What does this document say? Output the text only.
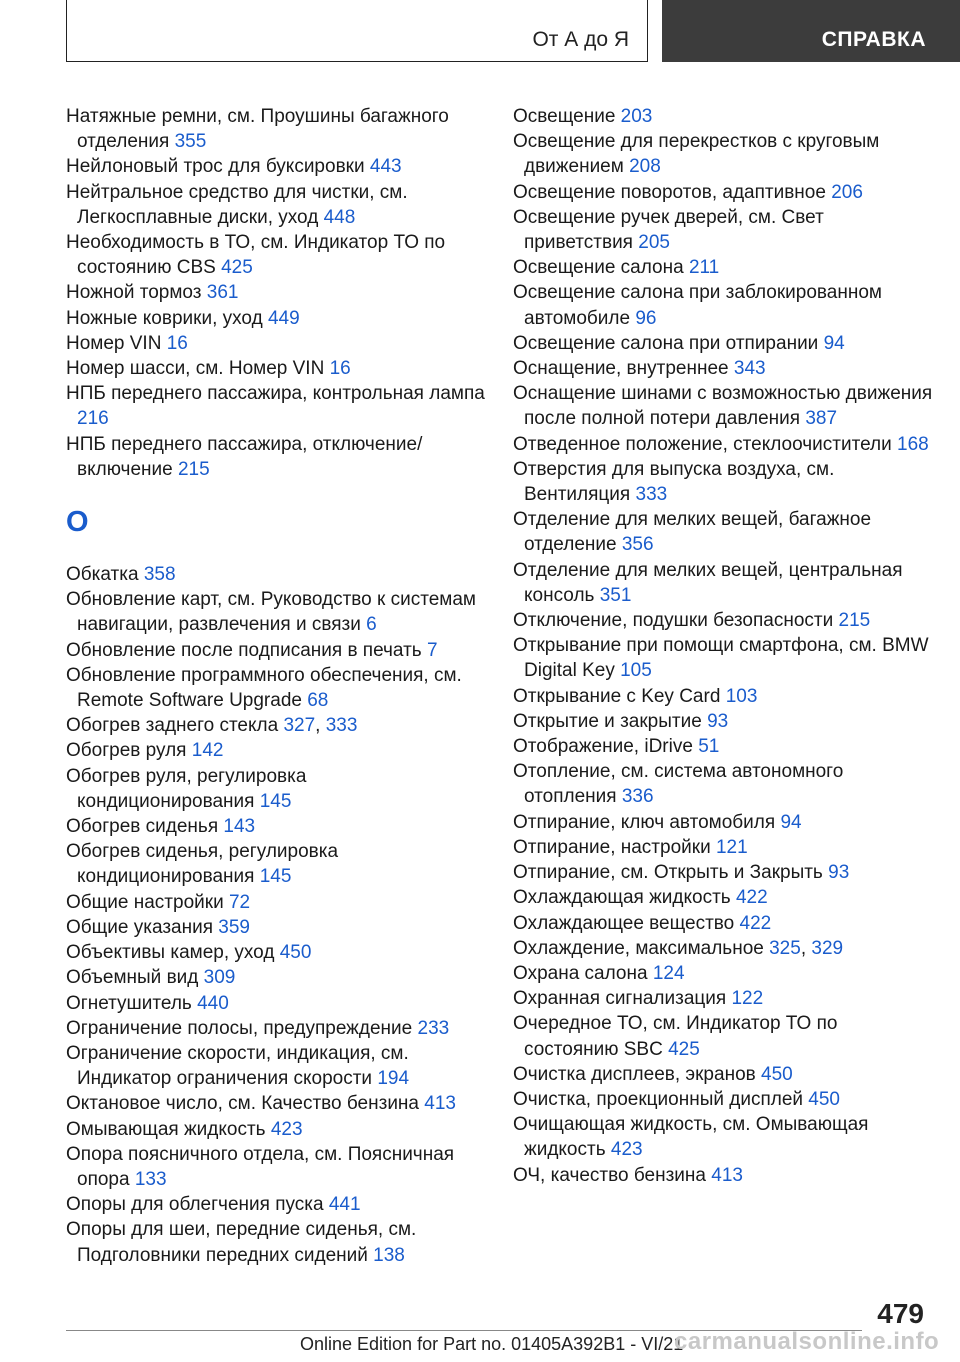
От А до Я	СПРАВКА

Натяжные ремни, см. Проушины багажного отделения 355

Нейлоновый трос для буксировки 443

Нейтральное средство для чистки, см. Легкосплавные диски, уход 448

Необходимость в ТО, см. Индикатор ТО по состоянию CBS 425

Ножной тормоз 361

Ножные коврики, уход 449

Номер VIN 16

Номер шасси, см. Номер VIN 16

НПБ переднего пассажира, контрольная лампа 216

НПБ переднего пассажира, отключение/включение 215

О

Обкатка 358

Обновление карт, см. Руководство к системам навигации, развлечения и связи 6

Обновление после подписания в печать 7

Обновление программного обеспечения, см. Remote Software Upgrade 68

Обогрев заднего стекла 327, 333

Обогрев руля 142

Обогрев руля, регулировка кондиционирования 145

Обогрев сиденья 143

Обогрев сиденья, регулировка кондиционирования 145

Общие настройки 72

Общие указания 359

Объективы камер, уход 450

Объемный вид 309

Огнетушитель 440

Ограничение полосы, предупреждение 233

Ограничение скорости, индикация, см. Индикатор ограничения скорости 194

Октановое число, см. Качество бензина 413

Омывающая жидкость 423

Опора поясничного отдела, см. Поясничная опора 133

Опоры для облегчения пуска 441

Опоры для шеи, передние сиденья, см. Подголовники передних сидений 138

Освещение 203

Освещение для перекрестков с круговым движением 208

Освещение поворотов, адаптивное 206

Освещение ручек дверей, см. Свет приветствия 205

Освещение салона 211

Освещение салона при заблокированном автомобиле 96

Освещение салона при отпирании 94

Оснащение, внутреннее 343

Оснащение шинами с возможностью движения после полной потери давления 387

Отведенное положение, стеклоочистители 168

Отверстия для выпуска воздуха, см. Вентиляция 333

Отделение для мелких вещей, багажное отделение 356

Отделение для мелких вещей, центральная консоль 351

Отключение, подушки безопасности 215

Открывание при помощи смартфона, см. BMW Digital Key 105

Открывание с Key Card 103

Открытие и закрытие 93

Отображение, iDrive 51

Отопление, см. система автономного отопления 336

Отпирание, ключ автомобиля 94

Отпирание, настройки 121

Отпирание, см. Открыть и Закрыть 93

Охлаждающая жидкость 422

Охлаждающее вещество 422

Охлаждение, максимальное 325, 329

Охрана салона 124

Охранная сигнализация 122

Очередное ТО, см. Индикатор ТО по состоянию SBC 425

Очистка дисплеев, экранов 450

Очистка, проекционный дисплей 450

Очищающая жидкость, см. Омывающая жидкость 423

ОЧ, качество бензина 413

479
Online Edition for Part no. 01405A392B1 - VI/21
carmanualsonline.info
